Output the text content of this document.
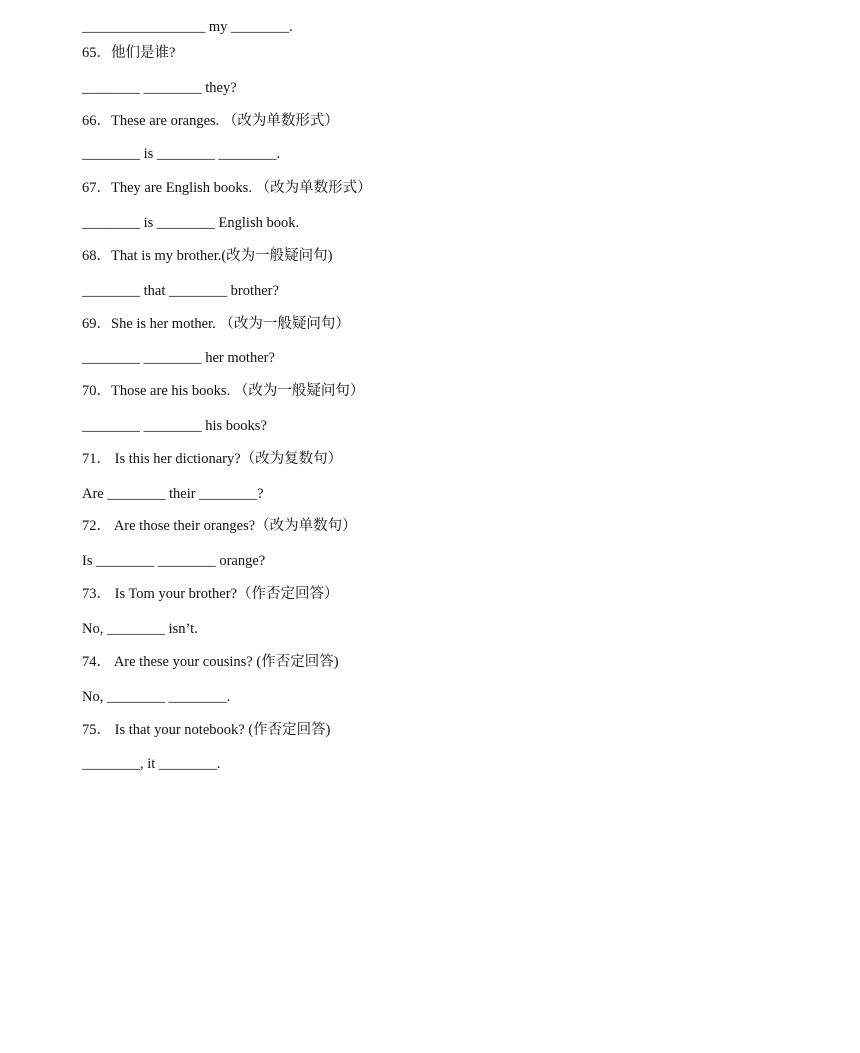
_________________ my ________.
65．他们是谁?
________ ________ they?
66．These are oranges. （改为单数形式）
________ is ________ ________.
67．They are English books. （改为单数形式）
________ is ________ English book.
68．That is my brother.(改为一般疑问句)
________ that ________ brother?
69．She is her mother. （改为一般疑问句）
________ ________ her mother?
70．Those are his books. （改为一般疑问句）
________ ________ his books?
71． Is this her dictionary?（改为复数句）
Are ________ their ________?
72． Are those their oranges?（改为单数句）
Is ________ ________ orange?
73． Is Tom your brother?（作否定回答）
No, ________ isn’t.
74． Are these your cousins? (作否定回答)
No, ________ ________.
75． Is that your notebook? (作否定回答)
________, it ________.
